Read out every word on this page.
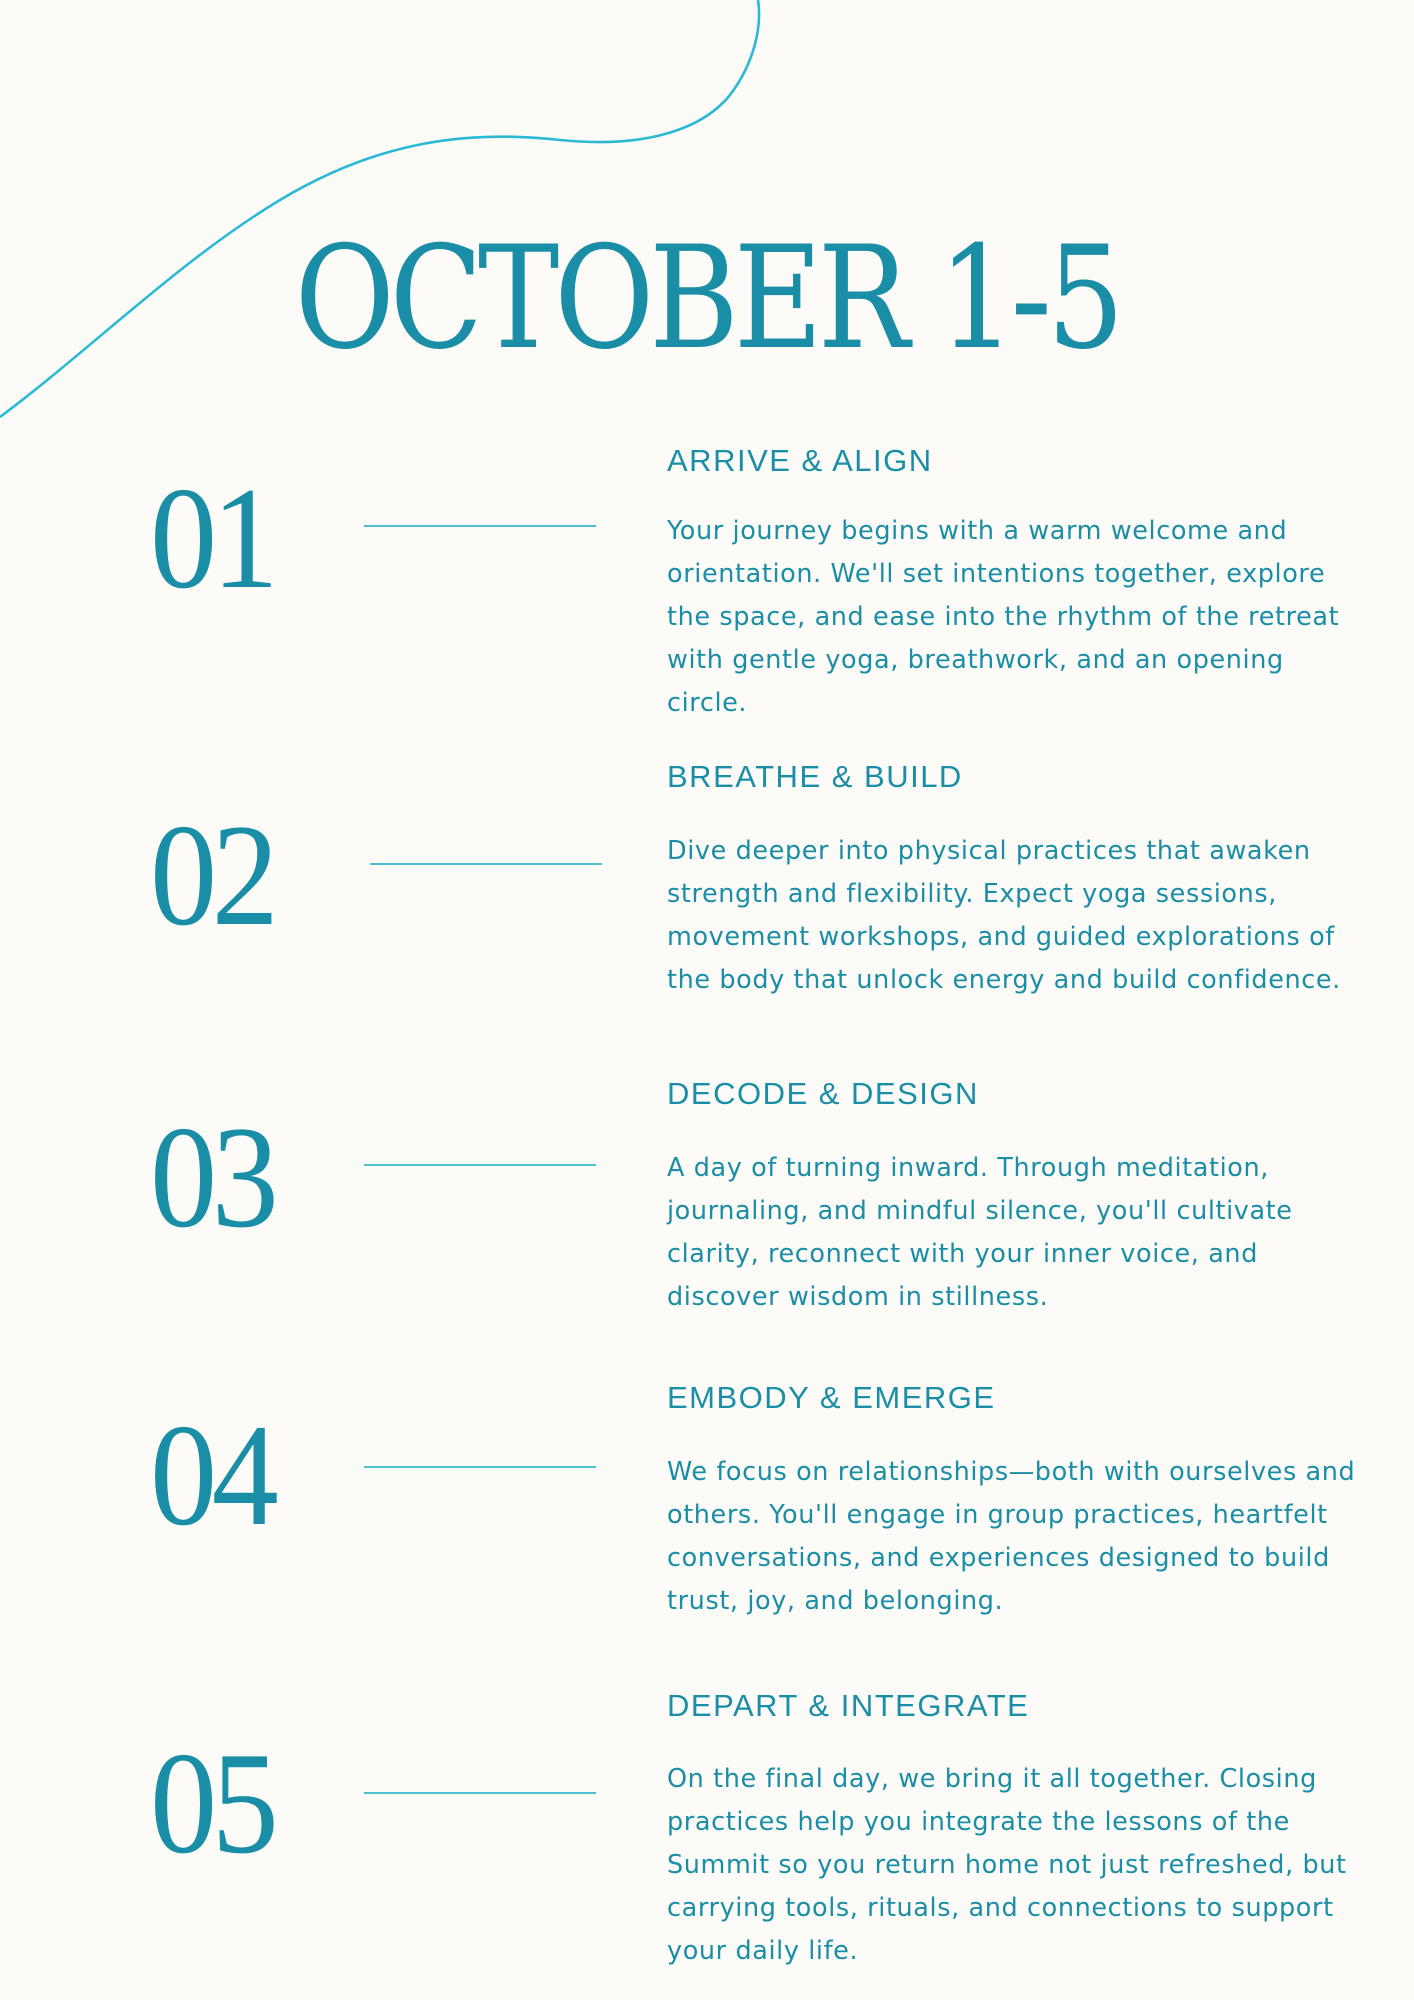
OCTOBER 1-5
01	ARRIVE & ALIGN

Your journey begins with a warm welcome and orientation. We'll set intentions together, explore the space, and ease into the rhythm of the retreat with gentle yoga, breathwork, and an opening circle.

02
BREATHE & BUILD

Dive deeper into physical practices that awaken strength and flexibility. Expect yoga sessions, movement workshops, and guided explorations of the body that unlock energy and build confidence.

03
DECODE & DESIGN

A day of turning inward. Through meditation, journaling, and mindful silence, you'll cultivate clarity, reconnect with your inner voice, and discover wisdom in stillness.

04	EMBODY & EMERGE

We focus on relationships—both with ourselves and others. You'll engage in group practices, heartfelt conversations, and experiences designed to build trust, joy, and belonging.

05
DEPART & INTEGRATE

On the final day, we bring it all together. Closing practices help you integrate the lessons of the Summit so you return home not just refreshed, but carrying tools, rituals, and connections to support your daily life.
